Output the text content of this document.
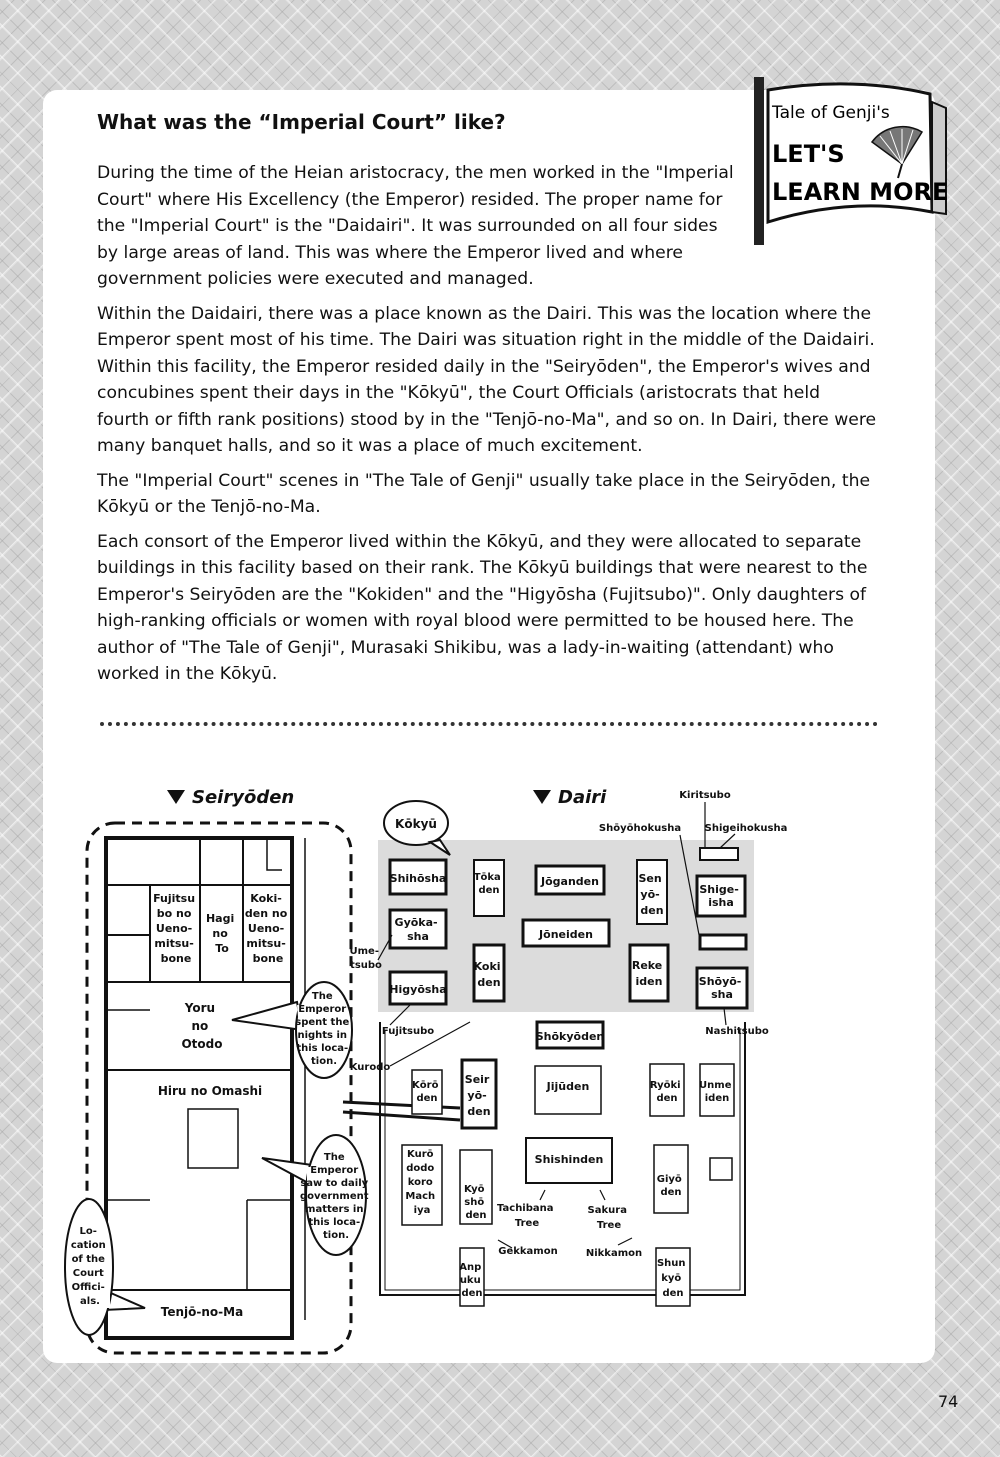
What was the “Imperial Court” like?

During the time of the Heian aristocracy, the men worked in the "Imperial Court" where His Excellency (the Emperor) resided. The proper name for the "Imperial Court" is the "Daidairi". It was surrounded on all four sides by large areas of land. This was where the Emperor lived and where government policies were executed and managed.

Within the Daidairi, there was a place known as the Dairi. This was the location where the Emperor spent most of his time. The Dairi was situation right in the middle of the Daidairi. Within this facility, the Emperor resided daily in the "Seiryōden", the Emperor's wives and concubines spent their days in the "Kōkyū", the Court Officials (aristocrats that held fourth or fifth rank positions) stood by in the "Tenjō-no-Ma", and so on. In Dairi, there were many banquet halls, and so it was a place of much excitement.

The "Imperial Court" scenes in "The Tale of Genji" usually take place in the Seiryōden, the Kōkyū or the Tenjō-no-Ma.

Each consort of the Emperor lived within the Kōkyū, and they were allocated to separate buildings in this facility based on their rank. The Kōkyū buildings that were nearest to the Emperor's Seiryōden are the "Kokiden" and the "Higyōsha (Fujitsubo)". Only daughters of high-ranking officials or women with royal blood were permitted to be housed here. The author of "The Tale of Genji", Murasaki Shikibu, was a lady-in-waiting (attendant) who worked in the Kōkyū.

Tale of Genji's
LET'S
LEARN MORE
Seiryōden
Fujitsu bo no Ueno- mitsu- bone
Hagi no To
Koki- den no Ueno- mitsu- bone
Yoru no Otodo
Hiru no Omashi
Tenjō-no-Ma
The Emperor spent the nights in this loca- tion.
The Emperor saw to daily government matters in this loca- tion.
Lo- cation of the Court Offici- als.
Dairi
Kōkyū
Shihōsha
Gyōka- sha
Higyōsha
Tōka den
Koki den
Jōganden
Jōneiden
Sen yō- den
Reke iden
Shige- isha
Shōyō- sha
Shōkyōden
Seir yō- den
Kōrō den
Jijūden	Ryōki den
Unme iden
Kurō dodo koro Mach iya
Kyō shō den
Shishinden
Giyō den
Anp uku den
Shun kyō den
Kiritsubo
Shōyōhokusha Shigeihokusha
Ume- tsubo
Fujitsubo	Nashitsubo
Kurodo
Tachibana Tree
Sakura Tree
Gekkamon	Nikkamon
74
